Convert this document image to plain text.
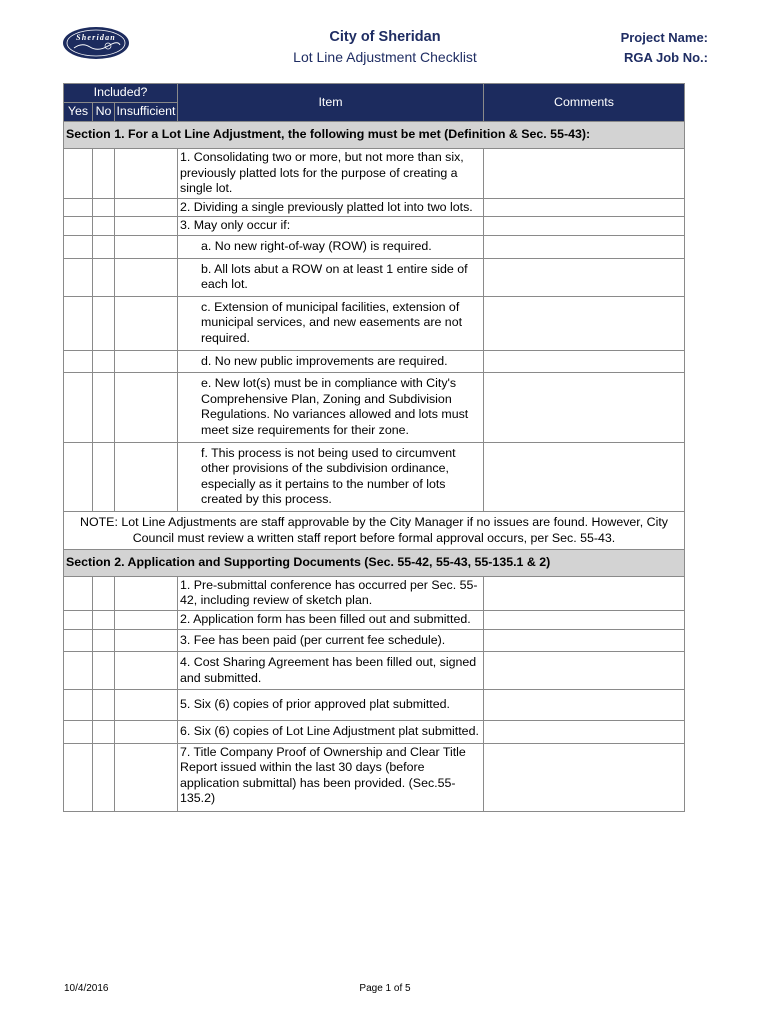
Sheridan	City of Sheridan
Lot Line Adjustment Checklist
Project Name:
RGA Job No.:
Included?			Item	Comments
Yes	No	Insufficient		
Section 1. For a Lot Line Adjustment, the following must be met (Definition & Sec. 55-43):				
			1. Consolidating two or more, but not more than six, previously platted lots for the purpose of creating a single lot.	
			2. Dividing a single previously platted lot into two lots.	
			3. May only occur if:	
			a. No new right-of-way (ROW) is required.	
			b. All lots abut a ROW on at least 1 entire side of each lot.	
			c. Extension of municipal facilities, extension of municipal services, and new easements are not required.	
			d. No new public improvements are required.	
			e. New lot(s) must be in compliance with City's Comprehensive Plan, Zoning and Subdivision Regulations. No variances allowed and lots must meet size requirements for their zone.	
			f. This process is not being used to circumvent other provisions of the subdivision ordinance, especially as it pertains to the number of lots created by this process.	
NOTE: Lot Line Adjustments are staff approvable by the City Manager if no issues are found. However, City Council must review a written staff report before formal approval occurs, per Sec. 55-43.				
Section 2. Application and Supporting Documents (Sec. 55-42, 55-43, 55-135.1 & 2)				
			1. Pre-submittal conference has occurred per Sec. 55-42, including review of sketch plan.	
			2. Application form has been filled out and submitted.	
			3. Fee has been paid (per current fee schedule).	
			4. Cost Sharing Agreement has been filled out, signed and submitted.	
			5. Six (6) copies of prior approved plat submitted.	
			6. Six (6) copies of Lot Line Adjustment plat submitted.	
			7. Title Company Proof of Ownership and Clear Title Report issued within the last 30 days (before application submittal) has been provided. (Sec.55-135.2)	
10/4/2016	Page 1 of 5
